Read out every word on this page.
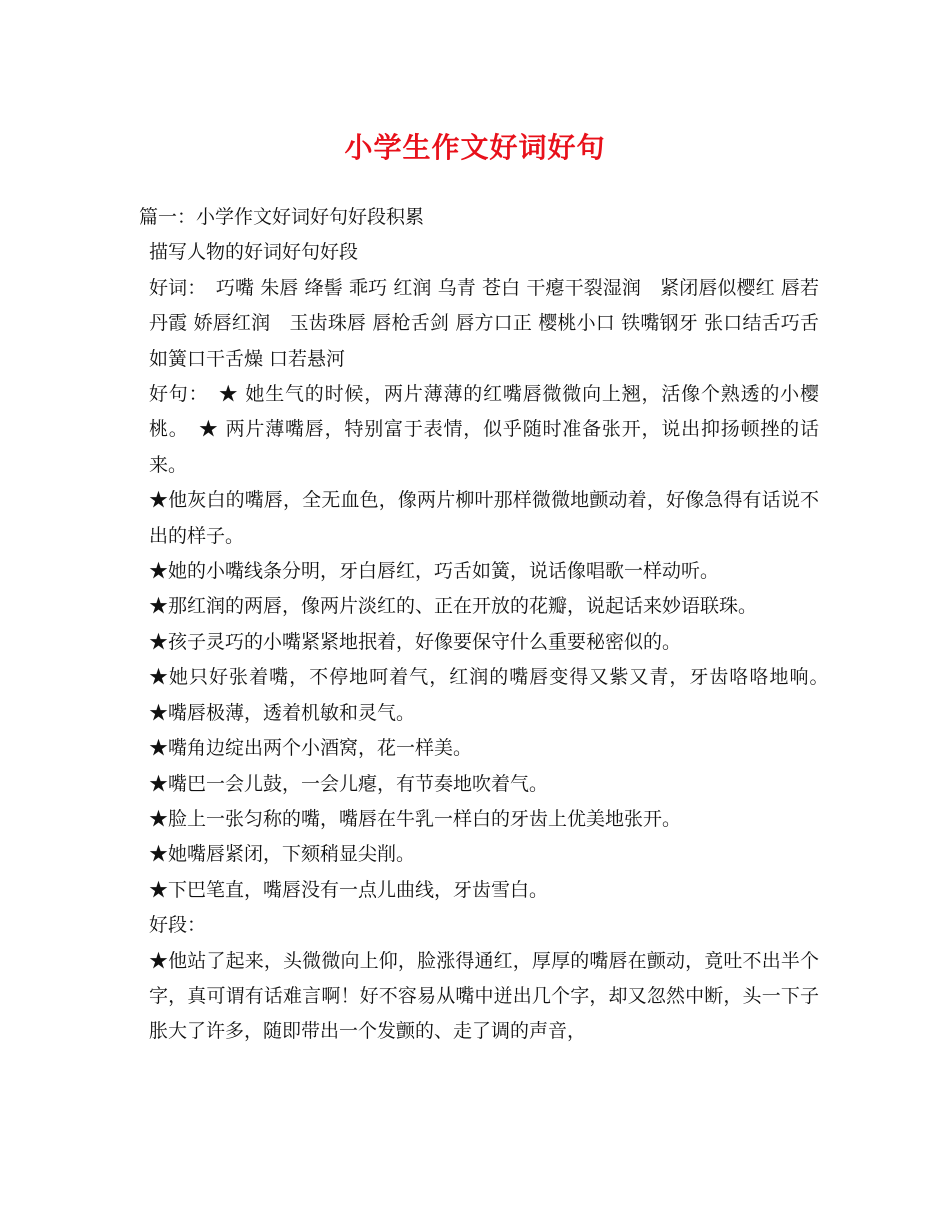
小学生作文好词好句

篇一：小学作文好词好句好段积累

描写人物的好词好句好段

好词：　巧嘴 朱唇 绛髻 乖巧 红润 乌青 苍白 干瘪干裂湿润　紧闭唇似樱红 唇若丹霞 娇唇红润　玉齿珠唇 唇枪舌剑 唇方口正 樱桃小口 铁嘴钢牙 张口结舌巧舌如簧口干舌燥 口若悬河

好句：　★ 她生气的时候，两片薄薄的红嘴唇微微向上翘，活像个熟透的小樱桃。　★ 两片薄嘴唇，特别富于表情，似乎随时准备张开，说出抑扬顿挫的话来。

★他灰白的嘴唇，全无血色，像两片柳叶那样微微地颤动着，好像急得有话说不出的样子。

★她的小嘴线条分明，牙白唇红，巧舌如簧，说话像唱歌一样动听。

★那红润的两唇，像两片淡红的、正在开放的花瓣，说起话来妙语联珠。

★孩子灵巧的小嘴紧紧地抿着，好像要保守什么重要秘密似的。

★她只好张着嘴，不停地呵着气，红润的嘴唇变得又紫又青，牙齿咯咯地响。　★嘴唇极薄，透着机敏和灵气。

★嘴角边绽出两个小酒窝，花一样美。

★嘴巴一会儿鼓，一会儿瘪，有节奏地吹着气。

★脸上一张匀称的嘴，嘴唇在牛乳一样白的牙齿上优美地张开。

★她嘴唇紧闭，下颏稍显尖削。

★下巴笔直，嘴唇没有一点儿曲线，牙齿雪白。

好段：

★他站了起来，头微微向上仰，脸涨得通红，厚厚的嘴唇在颤动，竟吐不出半个字，真可谓有话难言啊！好不容易从嘴中迸出几个字，却又忽然中断，头一下子胀大了许多，随即带出一个发颤的、走了调的声音，
